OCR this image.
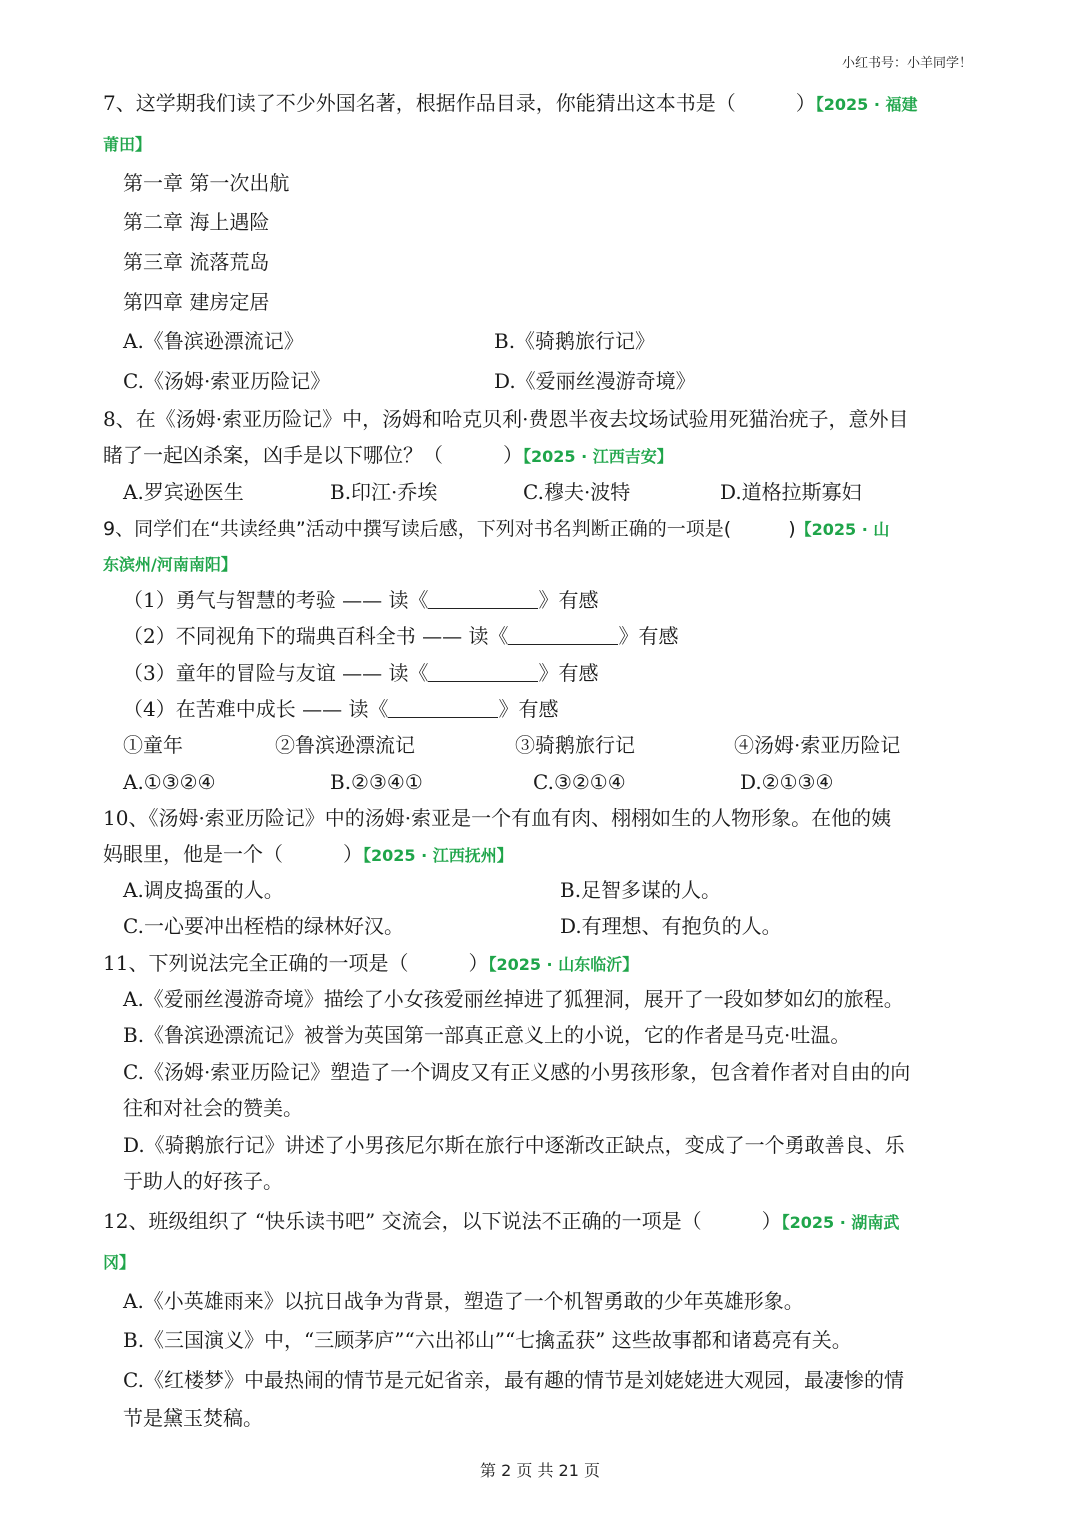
小红书号：小羊同学！
7、这学期我们读了不少外国名著，根据作品目录，你能猜出这本书是（　　　）【2025 · 福建
莆田】
第一章 第一次出航
第二章 海上遇险
第三章 流落荒岛
第四章 建房定居
A.《鲁滨逊漂流记》	B.《骑鹅旅行记》
C.《汤姆·索亚历险记》	D.《爱丽丝漫游奇境》
8、在《汤姆·索亚历险记》中，汤姆和哈克贝利·费恩半夜去坟场试验用死猫治疣子，意外目
睹了一起凶杀案，凶手是以下哪位？（　　　）【2025 · 江西吉安】
A.罗宾逊医生	B.印江·乔埃	C.穆夫·波特	D.道格拉斯寡妇
9、同学们在“共读经典”活动中撰写读后感，下列对书名判断正确的一项是(　　　)【2025 · 山
东滨州/河南南阳】
（1）勇气与智慧的考验 —— 读《	》有感
（2）不同视角下的瑞典百科全书 —— 读《	》有感
（3）童年的冒险与友谊 —— 读《	》有感
（4）在苦难中成长 —— 读《	》有感
①童年	②鲁滨逊漂流记	③骑鹅旅行记	④汤姆·索亚历险记
A.①③②④	B.②③④①	C.③②①④	D.②①③④
10、《汤姆·索亚历险记》中的汤姆·索亚是一个有血有肉、栩栩如生的人物形象。在他的姨
妈眼里，他是一个（　　　）【2025 · 江西抚州】
A.调皮捣蛋的人。	B.足智多谋的人。
C.一心要冲出桎梏的绿林好汉。	D.有理想、有抱负的人。
11、下列说法完全正确的一项是（　　　）【2025 · 山东临沂】
A.《爱丽丝漫游奇境》描绘了小女孩爱丽丝掉进了狐狸洞，展开了一段如梦如幻的旅程。
B.《鲁滨逊漂流记》被誉为英国第一部真正意义上的小说，它的作者是马克·吐温。
C.《汤姆·索亚历险记》塑造了一个调皮又有正义感的小男孩形象，包含着作者对自由的向
往和对社会的赞美。
D.《骑鹅旅行记》讲述了小男孩尼尔斯在旅行中逐渐改正缺点，变成了一个勇敢善良、乐
于助人的好孩子。
12、班级组织了 “快乐读书吧” 交流会，以下说法不正确的一项是（　　　）【2025 · 湖南武
冈】
A.《小英雄雨来》以抗日战争为背景，塑造了一个机智勇敢的少年英雄形象。
B.《三国演义》中，“三顾茅庐”“六出祁山”“七擒孟获” 这些故事都和诸葛亮有关。
C.《红楼梦》中最热闹的情节是元妃省亲，最有趣的情节是刘姥姥进大观园，最凄惨的情
节是黛玉焚稿。
第 2 页 共 21 页
